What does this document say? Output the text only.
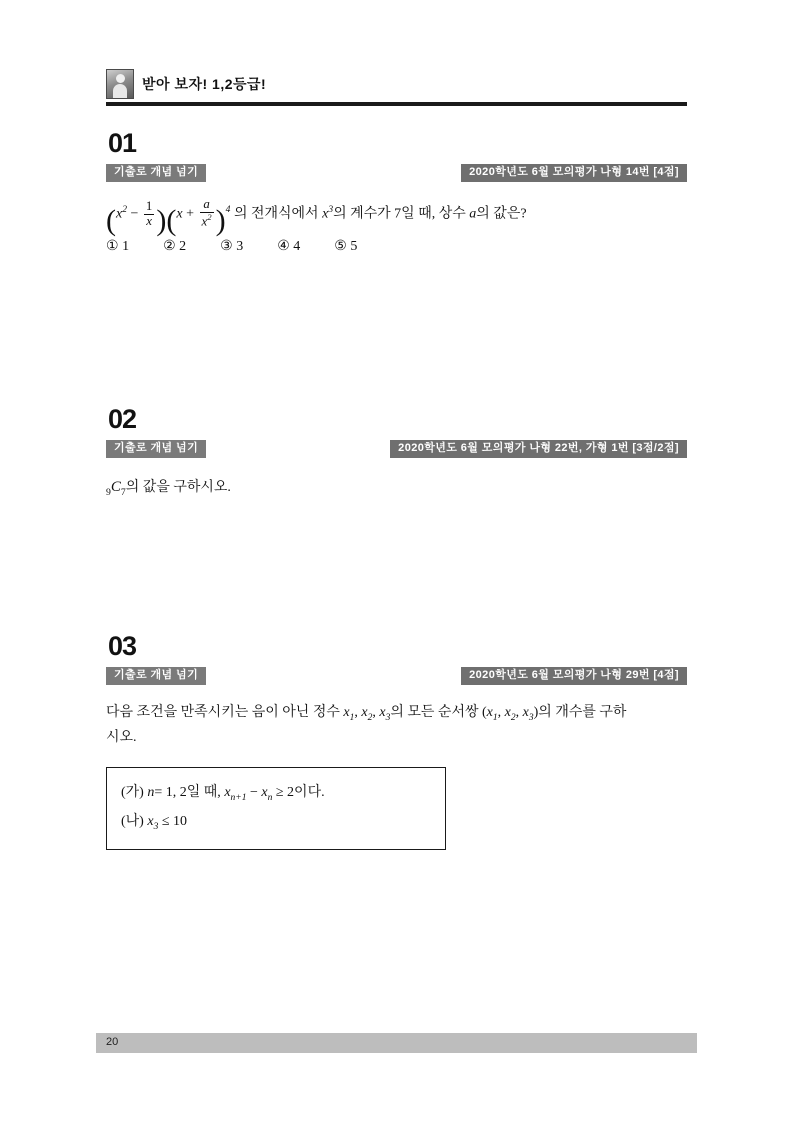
받아 보자! 1,2등급!
01
기출로 개념 넘기	2020학년도 6월 모의평가 나형 14번 [4점]
$(x^2 - \frac{1}{x} )(x + \frac{a}{x^2} )^4$ 의 전개식에서 $x^3$의 계수가 7일 때, 상수 a의 값은?
① 1 ② 2 ③ 3 ④ 4 ⑤ 5
02
기출로 개념 넘기	2020학년도 6월 모의평가 나형 22번, 가형 1번 [3점/2점]
$_9C_7$의 값을 구하시오.
03
기출로 개념 넘기	2020학년도 6월 모의평가 나형 29번 [4점]
다음 조건을 만족시키는 음이 아닌 정수 $x_1$, $x_2$, $x_3$의 모든 순서쌍 ($x_1$, $x_2$, $x_3$)의 개수를 구하
시오.
(가) n= 1, 2일 때, $x_{n+1} - x_n \ge 2$이다.
(나) $x_3 \le 10$
20
